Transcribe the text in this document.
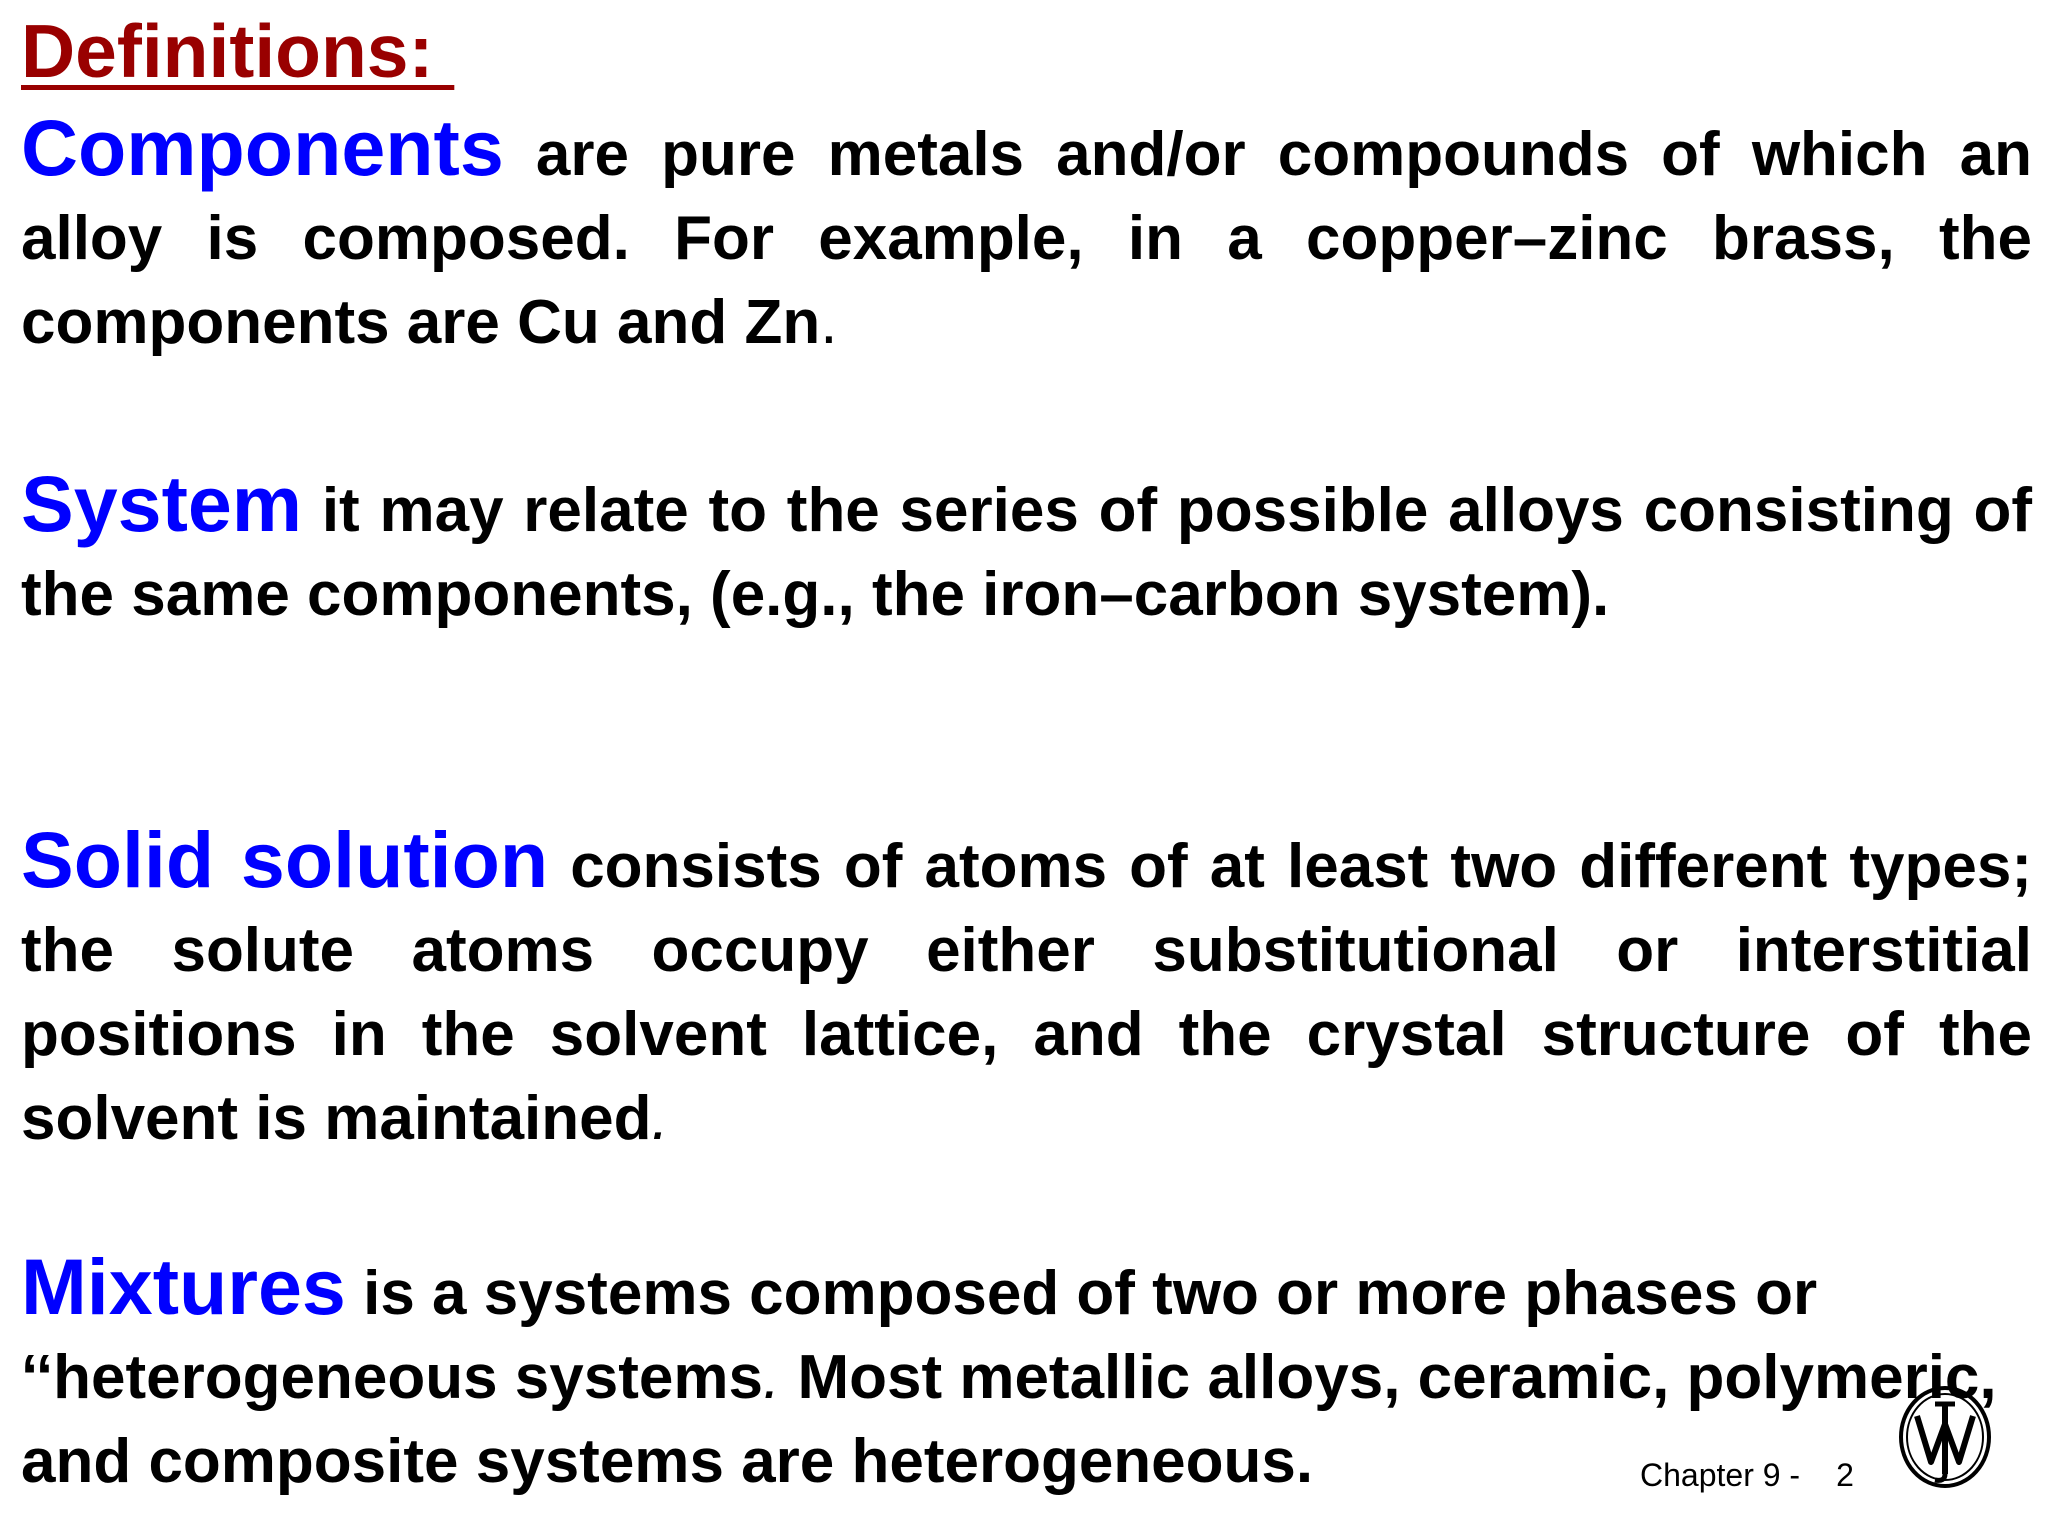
Definitions:

Components are pure metals and/or compounds of which an alloy is composed. For example, in a copper–zinc brass, the components are Cu and Zn.

System it may relate to the series of possible alloys consisting of the same components, (e.g., the iron–carbon system).

Solid solution consists of atoms of at least two different types; the solute atoms occupy either substitutional or interstitial positions in the solvent lattice, and the crystal structure of the solvent is maintained.

Mixtures is a systems composed of two or more phases or ‘‘heterogeneous systems. Most metallic alloys, ceramic, polymeric, and composite systems are heterogeneous.	Chapter 9 - 2
